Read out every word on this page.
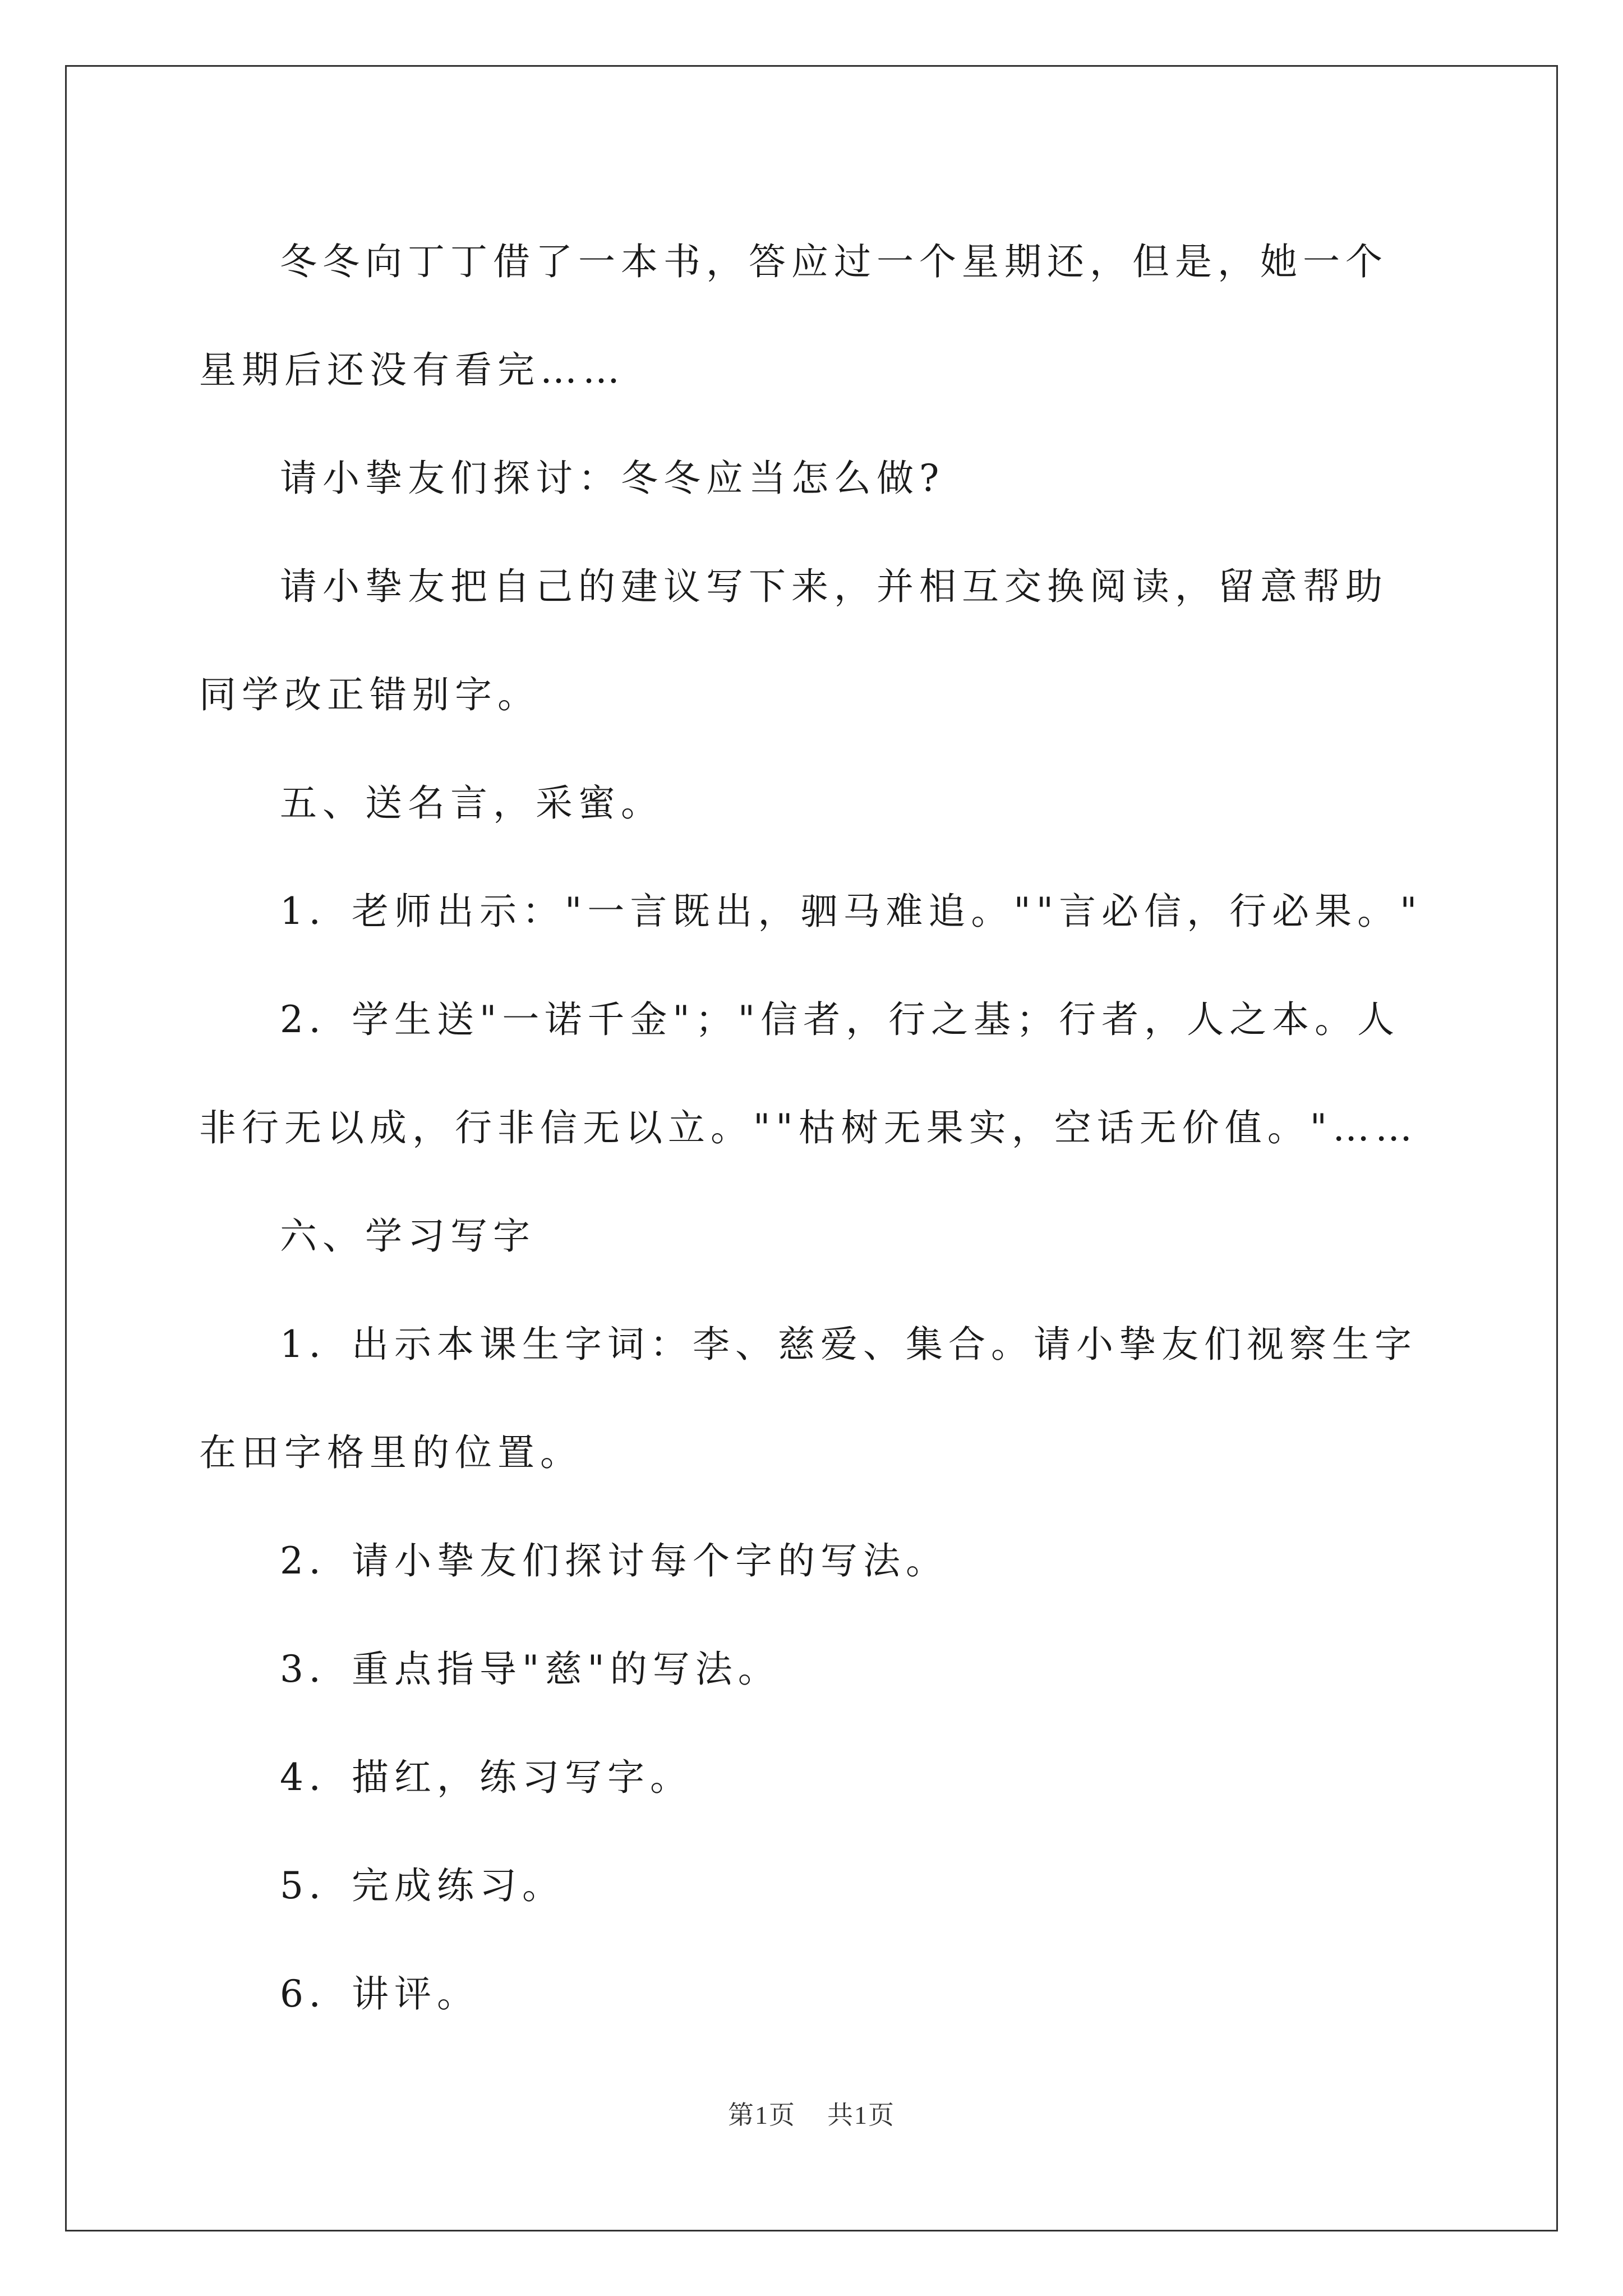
冬冬向丁丁借了一本书，答应过一个星期还，但是，她一个星期后还没有看完……

请小挚友们探讨：冬冬应当怎么做?

请小挚友把自己的建议写下来，并相互交换阅读，留意帮助同学改正错别字。

五、送名言，采蜜。

1．老师出示："一言既出，驷马难追。""言必信，行必果。"

2．学生送"一诺千金"；"信者，行之基；行者，人之本。人非行无以成，行非信无以立。""枯树无果实，空话无价值。"……

六、学习写字

1．出示本课生字词：李、慈爱、集合。请小挚友们视察生字在田字格里的位置。

2．请小挚友们探讨每个字的写法。

3．重点指导"慈"的写法。

4．描红，练习写字。

5．完成练习。

6．讲评。

第1页 共1页
